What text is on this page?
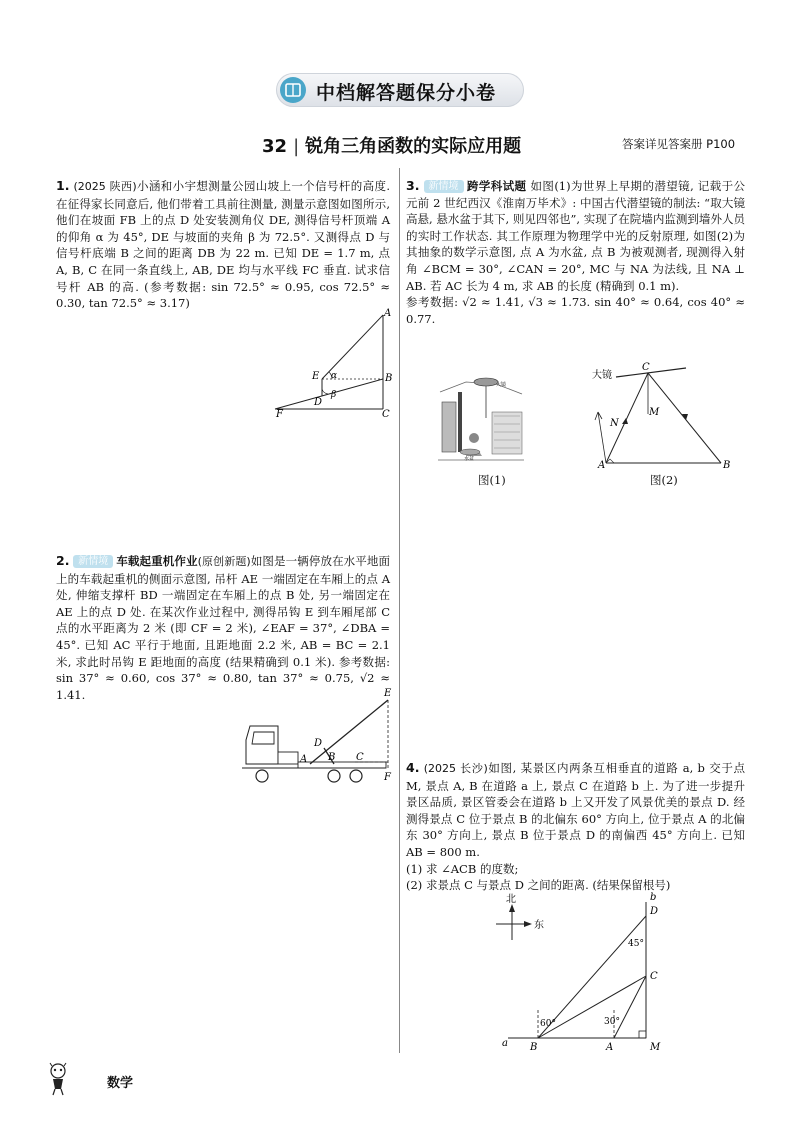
中档解答题保分小卷
32 | 锐角三角函数的实际应用题	答案详见答案册 P100

1. (2025 陕西)小涵和小宇想测量公园山坡上一个信号杆的高度. 在征得家长同意后, 他们带着工具前往测量, 测量示意图如图所示, 他们在坡面 FB 上的点 D 处安装测角仪 DE, 测得信号杆顶端 A 的仰角 α 为 45°, DE 与坡面的夹角 β 为 72.5°. 又测得点 D 与信号杆底端 B 之间的距离 DB 为 22 m. 已知 DE = 1.7 m, 点 A, B, C 在同一条直线上, AB, DE 均与水平线 FC 垂直. 试求信号杆 AB 的高. (参考数据: sin 72.5° ≈ 0.95, cos 72.5° ≈ 0.30, tan 72.5° ≈ 3.17)

A
B
C
D
E
F
α
β

2. 新情境 车载起重机作业(原创新题)如图是一辆停放在水平地面上的车载起重机的侧面示意图, 吊杆 AE 一端固定在车厢上的点 A 处, 伸缩支撑杆 BD 一端固定在车厢上的点 B 处, 另一端固定在 AE 上的点 D 处. 在某次作业过程中, 测得吊钩 E 到车厢尾部 C 点的水平距离为 2 米 (即 CF = 2 米), ∠EAF = 37°, ∠DBA = 45°. 已知 AC 平行于地面, 且距地面 2.2 米, AB = BC = 2.1 米, 求此时吊钩 E 距地面的高度 (结果精确到 0.1 米). 参考数据: sin 37° ≈ 0.60, cos 37° ≈ 0.80, tan 37° ≈ 0.75, √2 ≈ 1.41.	E
D
A B C
F

3. 新情境 跨学科试题 如图(1)为世界上早期的潜望镜, 记载于公元前 2 世纪西汉《淮南万毕术》: 中国古代潜望镜的制法: “取大镜高悬, 悬水盆于其下, 则见四邻也”, 实现了在院墙内监测到墙外人员的实时工作状态. 其工作原理为物理学中光的反射原理, 如图(2)为其抽象的数学示意图, 点 A 为水盆, 点 B 为被观测者, 现测得入射角 ∠BCM = 30°, ∠CAN = 20°, MC 与 NA 为法线, 且 NA ⊥ AB. 若 AC 长为 4 m, 求 AB 的长度 (精确到 0.1 m).

参考数据: √2 ≈ 1.41, √3 ≈ 1.73. sin 40° ≈ 0.64, cos 40° ≈ 0.77.

大镜
水盆
图(1)
大镜
C
M
N
A	B
图(2)

4. (2025 长沙)如图, 某景区内两条互相垂直的道路 a, b 交于点 M, 景点 A, B 在道路 a 上, 景点 C 在道路 b 上. 为了进一步提升景区品质, 景区管委会在道路 b 上又开发了风景优美的景点 D. 经测得景点 C 位于景点 B 的北偏东 60° 方向上, 位于景点 A 的北偏东 30° 方向上, 景点 B 位于景点 D 的南偏西 45° 方向上. 已知 AB = 800 m.

(1) 求 ∠ACB 的度数;

(2) 求景点 C 与景点 D 之间的距离. (结果保留根号)

北
东
a
b
B	A	M
C
D
60°	30°
45°
数学
